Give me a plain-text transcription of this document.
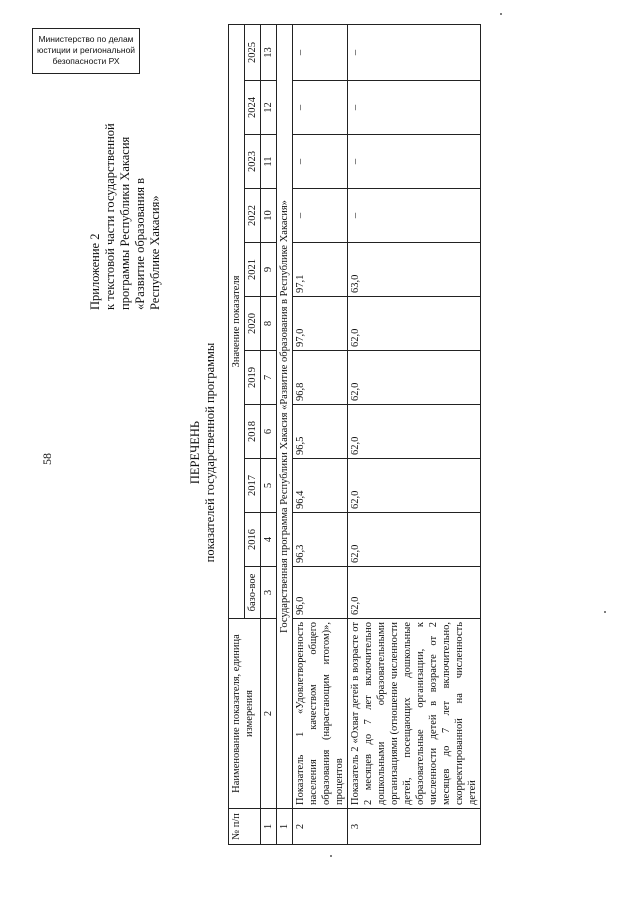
58
Приложение 2 к текстовой части государственной программы Республики Хакасия «Развитие образования в Республике Хакасия»
ПЕРЕЧЕНЬ показателей государственной программы
№ п/п	Наименование показателя, единица измерения	Значение показателя										
		базо-вое	2016	2017	2018	2019	2020	2021	2022	2023	2024	2025
1	2	3	4	5	6	7	8	9	10	11	12	13
1	Государственная программа Республики Хакасия «Развитие образования в Республике Хакасия»											
2	Показатель 1 «Удовлетворенность населения качеством общего образования (нарастающим итогом)», процентов	96,0	96,3	96,4	96,5	96,8	97,0	97,1	–	–	–	–
3	Показатель 2 «Охват детей в возрасте от 2 месяцев до 7 лет включительно дошкольными образовательными организациями (отношение численности детей, посещающих дошкольные образовательные организации, к численности детей в возрасте от 2 месяцев до 7 лет включительно, скорректированной на численность детей	62,0	62,0	62,0	62,0	62,0	62,0	63,0	–	–	–	–
Министерство по делам
юстиции и региональной
безопасности РХ
